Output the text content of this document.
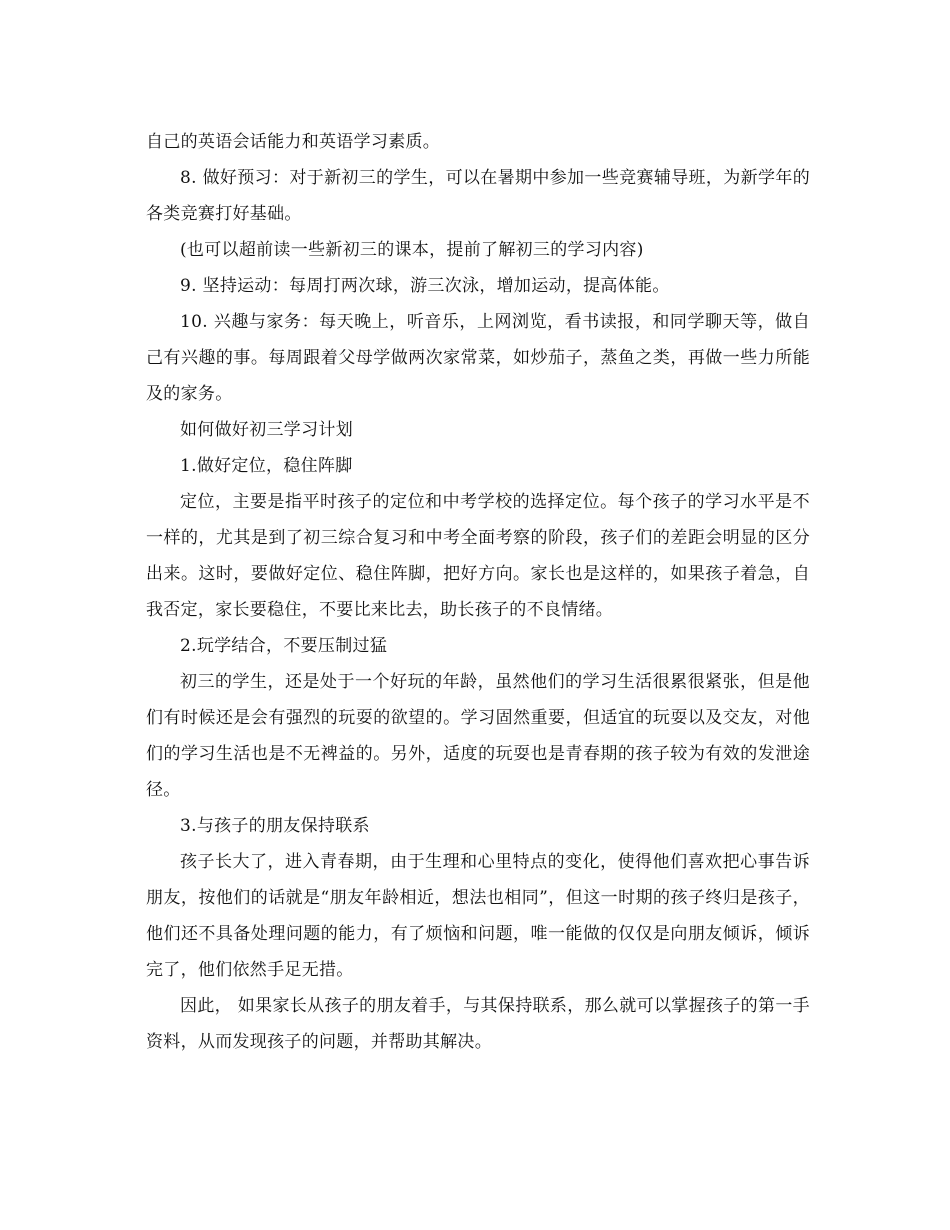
自己的英语会话能力和英语学习素质。

8. 做好预习：对于新初三的学生，可以在暑期中参加一些竞赛辅导班，为新学年的各类竞赛打好基础。

(也可以超前读一些新初三的课本，提前了解初三的学习内容)

9. 坚持运动：每周打两次球，游三次泳，增加运动，提高体能。

10. 兴趣与家务：每天晚上，听音乐，上网浏览，看书读报，和同学聊天等，做自己有兴趣的事。每周跟着父母学做两次家常菜，如炒茄子，蒸鱼之类，再做一些力所能及的家务。

如何做好初三学习计划

1.做好定位，稳住阵脚

定位，主要是指平时孩子的定位和中考学校的选择定位。每个孩子的学习水平是不一样的，尤其是到了初三综合复习和中考全面考察的阶段，孩子们的差距会明显的区分出来。这时，要做好定位、稳住阵脚，把好方向。家长也是这样的，如果孩子着急，自我否定，家长要稳住，不要比来比去，助长孩子的不良情绪。

2.玩学结合，不要压制过猛

初三的学生，还是处于一个好玩的年龄，虽然他们的学习生活很累很紧张，但是他们有时候还是会有强烈的玩耍的欲望的。学习固然重要，但适宜的玩耍以及交友，对他们的学习生活也是不无裨益的。另外，适度的玩耍也是青春期的孩子较为有效的发泄途径。

3.与孩子的朋友保持联系

孩子长大了，进入青春期，由于生理和心里特点的变化，使得他们喜欢把心事告诉朋友，按他们的话就是“朋友年龄相近，想法也相同”，但这一时期的孩子终归是孩子，他们还不具备处理问题的能力，有了烦恼和问题，唯一能做的仅仅是向朋友倾诉，倾诉完了，他们依然手足无措。

因此， 如果家长从孩子的朋友着手，与其保持联系，那么就可以掌握孩子的第一手资料，从而发现孩子的问题，并帮助其解决。
